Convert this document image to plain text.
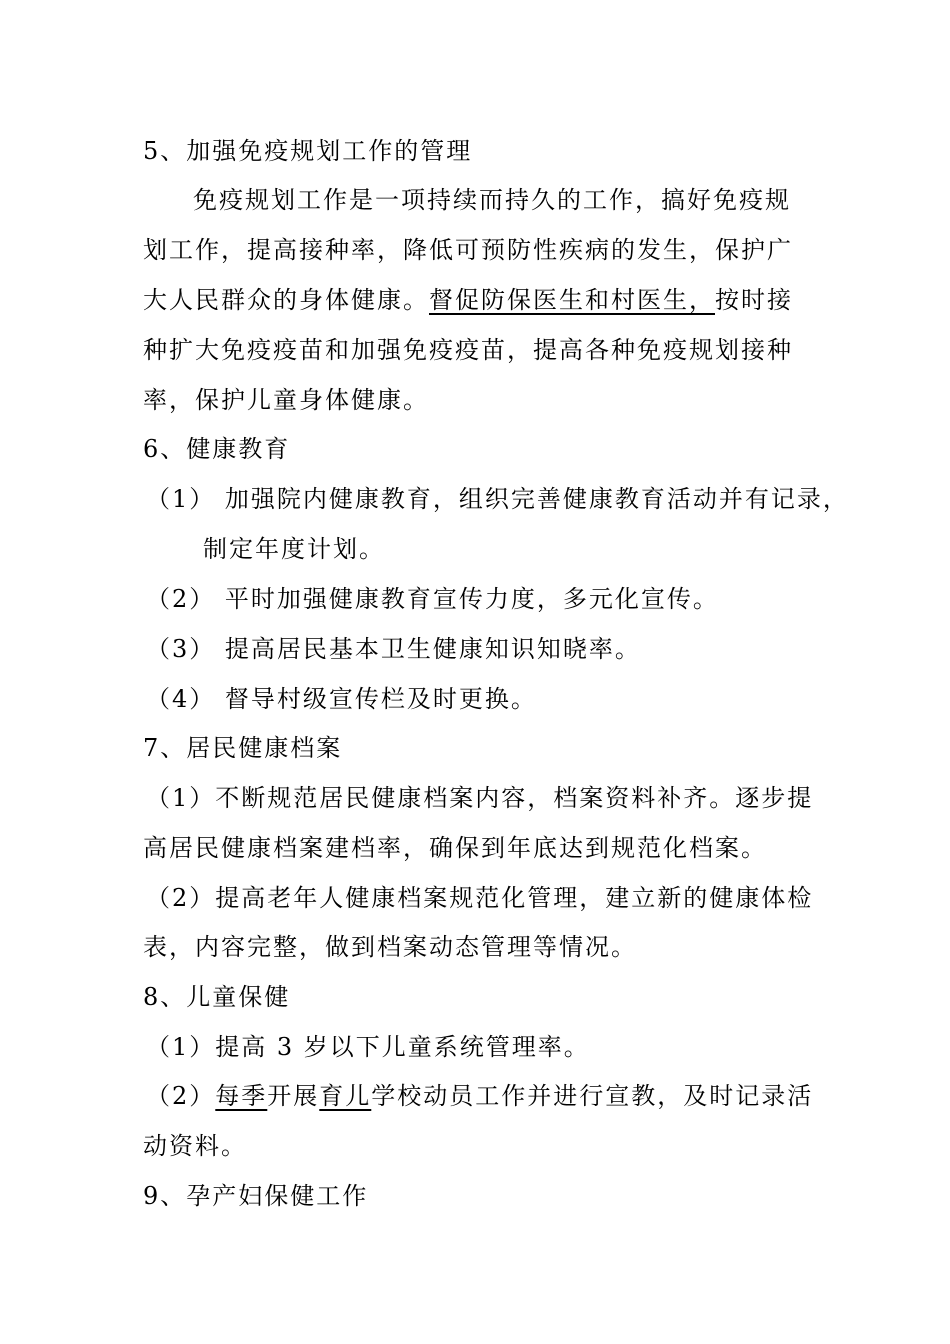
5、加强免疫规划工作的管理
免疫规划工作是一项持续而持久的工作，搞好免疫规
划工作，提高接种率，降低可预防性疾病的发生，保护广
大人民群众的身体健康。督促防保医生和村医生，按时接
种扩大免疫疫苗和加强免疫疫苗，提高各种免疫规划接种
率，保护儿童身体健康。
6、健康教育
（1） 加强院内健康教育，组织完善健康教育活动并有记录，
制定年度计划。
（2） 平时加强健康教育宣传力度，多元化宣传。
（3） 提高居民基本卫生健康知识知晓率。
（4） 督导村级宣传栏及时更换。
7、居民健康档案
（1）不断规范居民健康档案内容，档案资料补齐。逐步提
高居民健康档案建档率，确保到年底达到规范化档案。
（2）提高老年人健康档案规范化管理，建立新的健康体检
表，内容完整，做到档案动态管理等情况。
8、儿童保健
（1）提高 3 岁以下儿童系统管理率。
（2）每季开展育儿学校动员工作并进行宣教，及时记录活
动资料。
9、孕产妇保健工作
